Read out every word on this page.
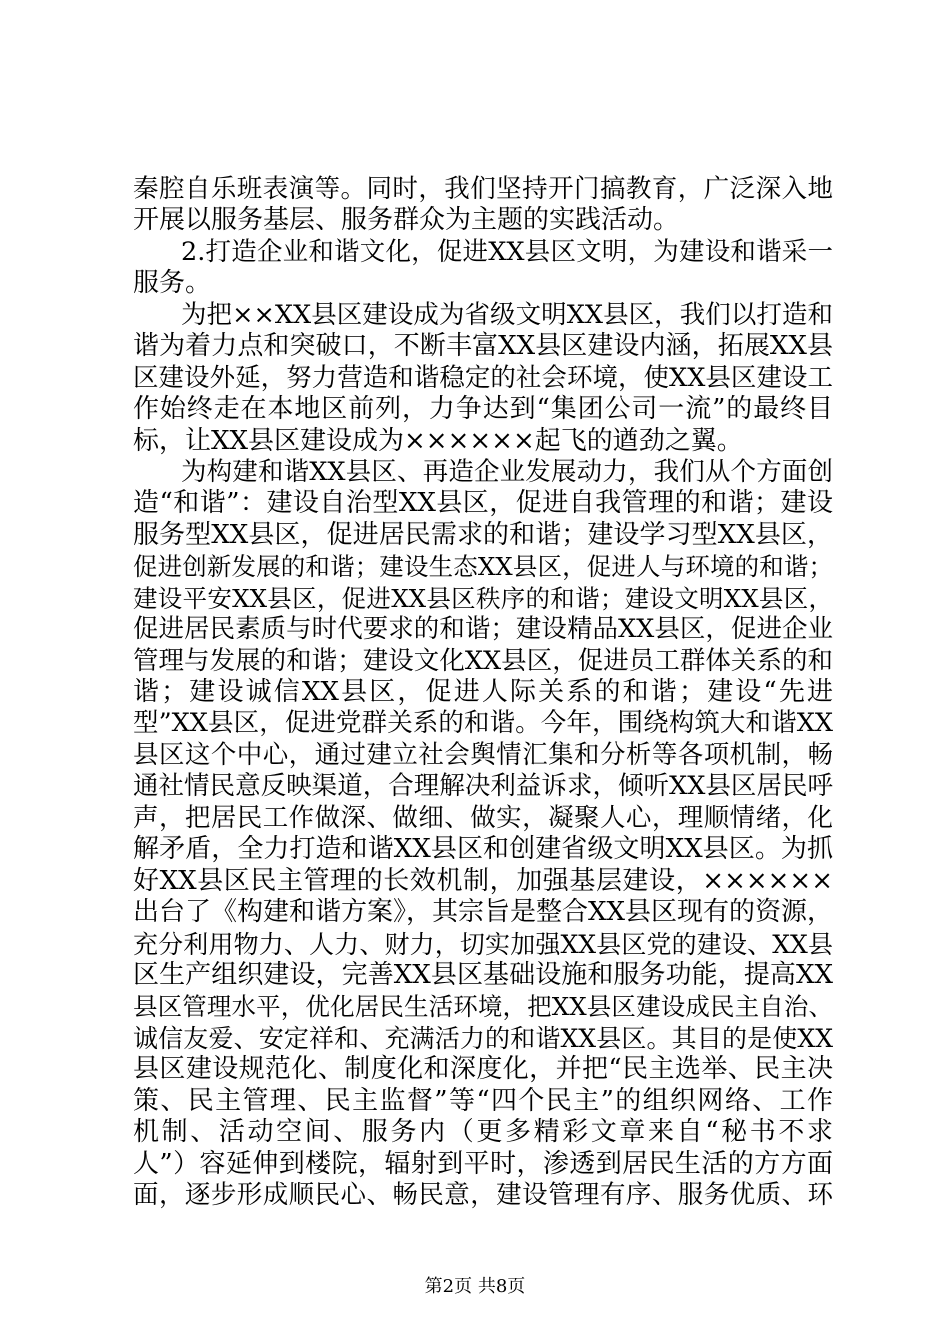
秦腔自乐班表演等。同时，我们坚持开门搞教育，广泛深入地
开展以服务基层、服务群众为主题的实践活动。
2.打造企业和谐文化，促进XX县区文明，为建设和谐采一
服务。
为把××XX县区建设成为省级文明XX县区，我们以打造和
谐为着力点和突破口，不断丰富XX县区建设内涵，拓展XX县
区建设外延，努力营造和谐稳定的社会环境，使XX县区建设工
作始终走在本地区前列，力争达到“集团公司一流”的最终目
标，让XX县区建设成为××××××起飞的遒劲之翼。
为构建和谐XX县区、再造企业发展动力，我们从个方面创
造“和谐”：建设自治型XX县区，促进自我管理的和谐；建设
服务型XX县区，促进居民需求的和谐；建设学习型XX县区，
促进创新发展的和谐；建设生态XX县区，促进人与环境的和谐；
建设平安XX县区，促进XX县区秩序的和谐；建设文明XX县区，
促进居民素质与时代要求的和谐；建设精品XX县区，促进企业
管理与发展的和谐；建设文化XX县区，促进员工群体关系的和
谐；建设诚信XX县区，促进人际关系的和谐；建设“先进
型”XX县区，促进党群关系的和谐。今年，围绕构筑大和谐XX
县区这个中心，通过建立社会舆情汇集和分析等各项机制，畅
通社情民意反映渠道，合理解决利益诉求，倾听XX县区居民呼
声，把居民工作做深、做细、做实，凝聚人心，理顺情绪，化
解矛盾，全力打造和谐XX县区和创建省级文明XX县区。为抓
好XX县区民主管理的长效机制，加强基层建设，××××××
出台了《构建和谐方案》，其宗旨是整合XX县区现有的资源，
充分利用物力、人力、财力，切实加强XX县区党的建设、XX县
区生产组织建设，完善XX县区基础设施和服务功能，提高XX
县区管理水平，优化居民生活环境，把XX县区建设成民主自治、
诚信友爱、安定祥和、充满活力的和谐XX县区。其目的是使XX
县区建设规范化、制度化和深度化，并把“民主选举、民主决
策、民主管理、民主监督”等“四个民主”的组织网络、工作
机制、活动空间、服务内（更多精彩文章来自“秘书不求
人”）容延伸到楼院，辐射到平时，渗透到居民生活的方方面
面，逐步形成顺民心、畅民意，建设管理有序、服务优质、环
第2页 共8页
